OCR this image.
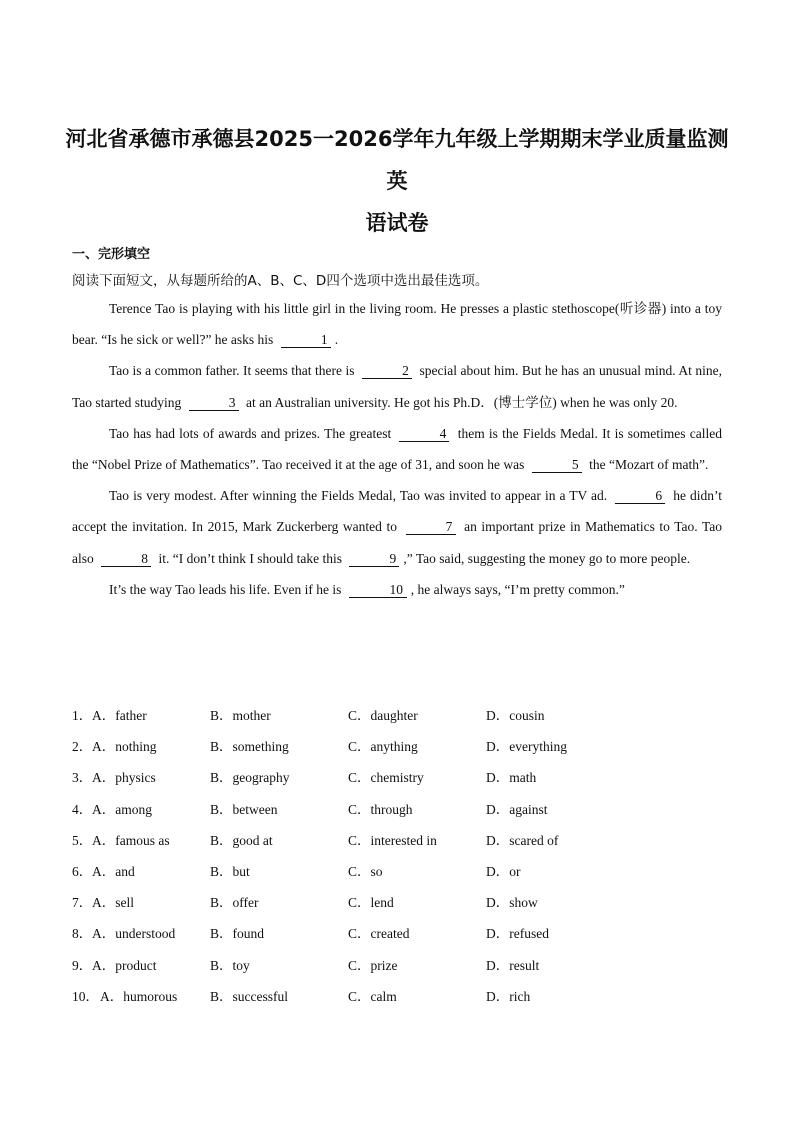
河北省承德市承德县2025一2026学年九年级上学期期末学业质量监测英
语试卷
一、完形填空
阅读下面短文，从每题所给的A、B、C、D四个选项中选出最佳选项。

Terence Tao is playing with his little girl in the living room. He presses a plastic stethoscope(听诊器) into a toy bear. “Is he sick or well?” he asks his	1 .

Tao is a common father. It seems that there is	2 special about him. But he has an unusual mind. At nine, Tao started studying	3 at an Australian university. He got his Ph.D．(博士学位) when he was only 20.

Tao has had lots of awards and prizes. The greatest	4 them is the Fields Medal. It is sometimes called the “Nobel Prize of Mathematics”. Tao received it at the age of 31, and soon he was	5 the “Mozart of math”.

Tao is very modest. After winning the Fields Medal, Tao was invited to appear in a TV ad.	6 he didn’t accept the invitation. In 2015, Mark Zuckerberg wanted to	7 an important prize in Mathematics to Tao. Tao also	8 it. “I don’t think I should take this	9 ,” Tao said, suggesting the money go to more people.

It’s the way Tao leads his life. Even if he is	10 , he always says, “I’m pretty common.”

1． A．father	B．mother	C．daughter	D．cousin
2． A．nothing	B．something	C．anything	D．everything
3． A．physics	B．geography	C．chemistry	D．math
4． A．among	B．between	C．through	D．against
5． A．famous as	B．good at	C．interested in	D．scared of
6． A．and	B．but	C．so	D．or
7． A．sell	B．offer	C．lend	D．show
8． A．understood	B．found	C．created	D．refused
9． A．product	B．toy	C．prize	D．result
10． A．humorous B．successful	C．calm	D．rich
